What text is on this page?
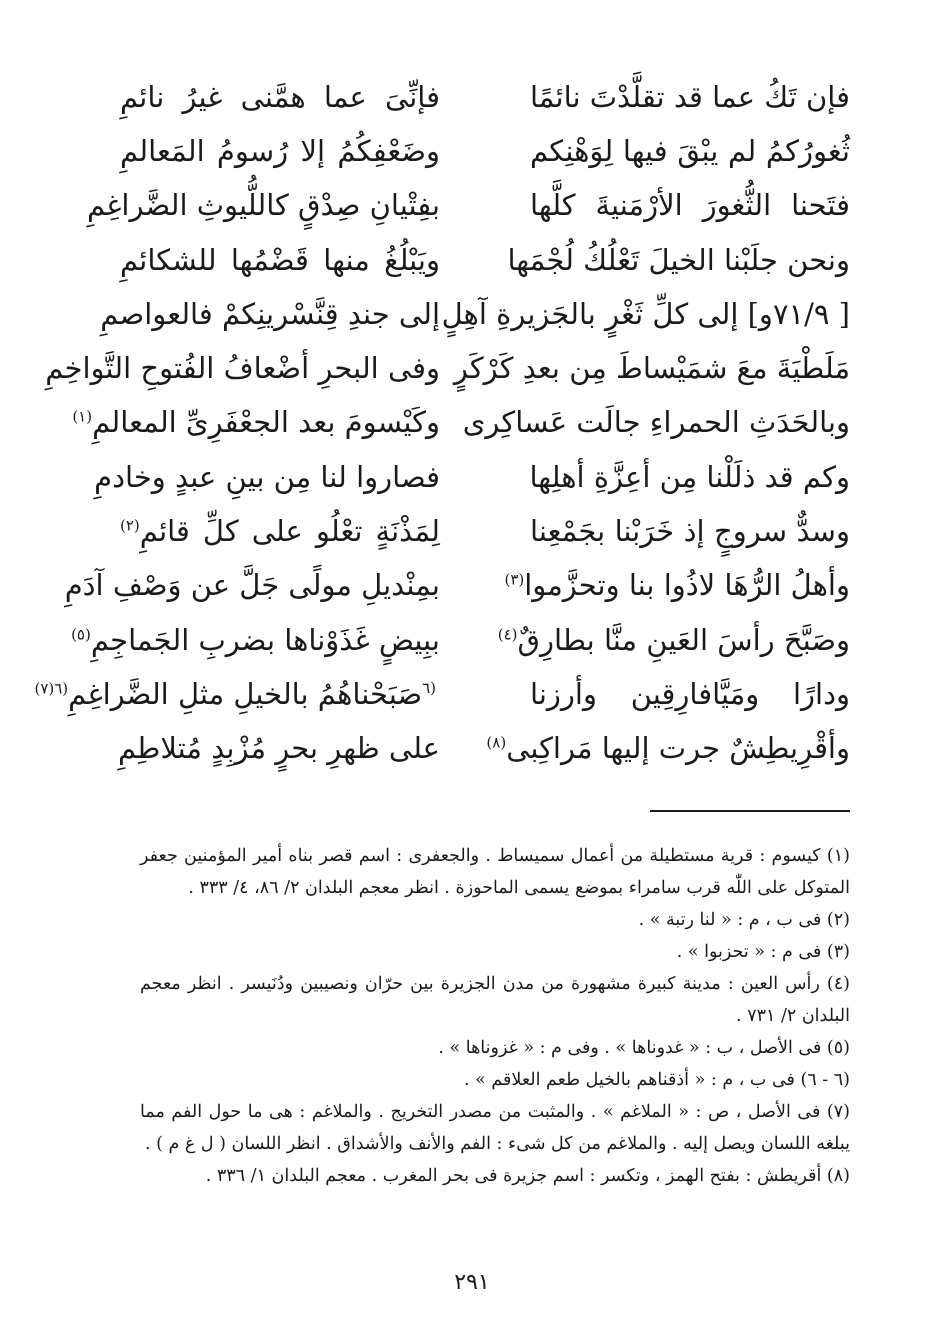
فإن تَكُ عما قد تقلَّدْتَ نائمًا
فإنِّىَ عما همَّنى غيرُ نائمِ
ثُغورُكمُ لم يبْقَ فيها لِوَهْنِكم
وضَعْفِكُمُ إلا رُسومُ المَعالمِ
فتَحنا الثُّغورَ الأرْمَنيةَ كلَّها
بفِتْيانِ صِدْقٍ كاللُّيوثِ الضَّراغِمِ
ونحن جلَبْنا الخيلَ تَعْلُكُ لُجْمَها
ويَبْلُغُ منها قَضْمُها للشكائمِ
[ ٧١/٩و] إلى كلِّ ثَغْرٍ بالجَزيرةِ آهِلٍ
إلى جندِ قِنَّسْرينِكمْ فالعواصمِ
مَلَطْيَةَ معَ شمَيْساطَ مِن بعدِ كَرْكَرٍ
وفى البحرِ أضْعافُ الفُتوحِ التَّواخِمِ
وبالحَدَثِ الحمراءِ جالَت عَساكِرى
وكَيْسومَ بعد الجعْفَرِىِّ المعالمِ$^{(١)}$
وكم قد ذلَلْنا مِن أعِزَّةِ أهلِها
فصاروا لنا مِن بينِ عبدٍ وخادمِ
وسدٌّ سروجٍ إذ خَرَبْنا بجَمْعِنا
لِمَذْنَةٍ تعْلُو على كلِّ قائمِ$^{(٢)}$
وأهلُ الرُّهَا لاذُوا بنا وتحزَّموا$^{(٣)}$
بمِنْديلِ مولًى جَلَّ عن وَصْفِ آدَمِ
وصَبَّحَ رأسَ العَينِ منَّا بطارِقٌ$^{(٤)}$
ببِيضٍ غَذَوْناها بضربِ الجَماجِمِ$^{(٥)}$
ودارًا ومَيَّافارِقِين وأرزنا
$^{(٦}$صَبَحْناهُمُ بالخيلِ مثلِ الضَّراغِمِ$^{(٦(٧)}$
وأقْرِيطِشٌ جرت إليها مَراكِبى$^{(٨)}$
على ظهرِ بحرٍ مُزْبِدٍ مُتلاطِمِ

(١) كيسوم : قرية مستطيلة من أعمال سميساط . والجعفرى : اسم قصر بناه أمير المؤمنين جعفر المتوكل على اللّٰه قرب سامراء بموضع يسمى الماحوزة . انظر معجم البلدان ٢/ ٨٦، ٤/ ٣٣٣ .

(٢) فى ب ، م : « لنا رتبة » .

(٣) فى م : « تحزبوا » .

(٤) رأس العين : مدينة كبيرة مشهورة من مدن الجزيرة بين حرّان ونصيبين ودُنَيسر . انظر معجم البلدان ٢/ ٧٣١ .

(٥) فى الأصل ، ب : « غدوناها » . وفى م : « غزوناها » .

(٦ - ٦) فى ب ، م : « أذقناهم بالخيل طعم العلاقم » .

(٧) فى الأصل ، ص : « الملاغم » . والمثبت من مصدر التخريج . والملاغم : هى ما حول الفم مما يبلغه اللسان ويصل إليه . والملاغم من كل شىء : الفم والأنف والأشداق . انظر اللسان ( ل غ م ) .

(٨) أقريطش : بفتح الهمز ، وتكسر : اسم جزيرة فى بحر المغرب . معجم البلدان ١/ ٣٣٦ .

٢٩١
